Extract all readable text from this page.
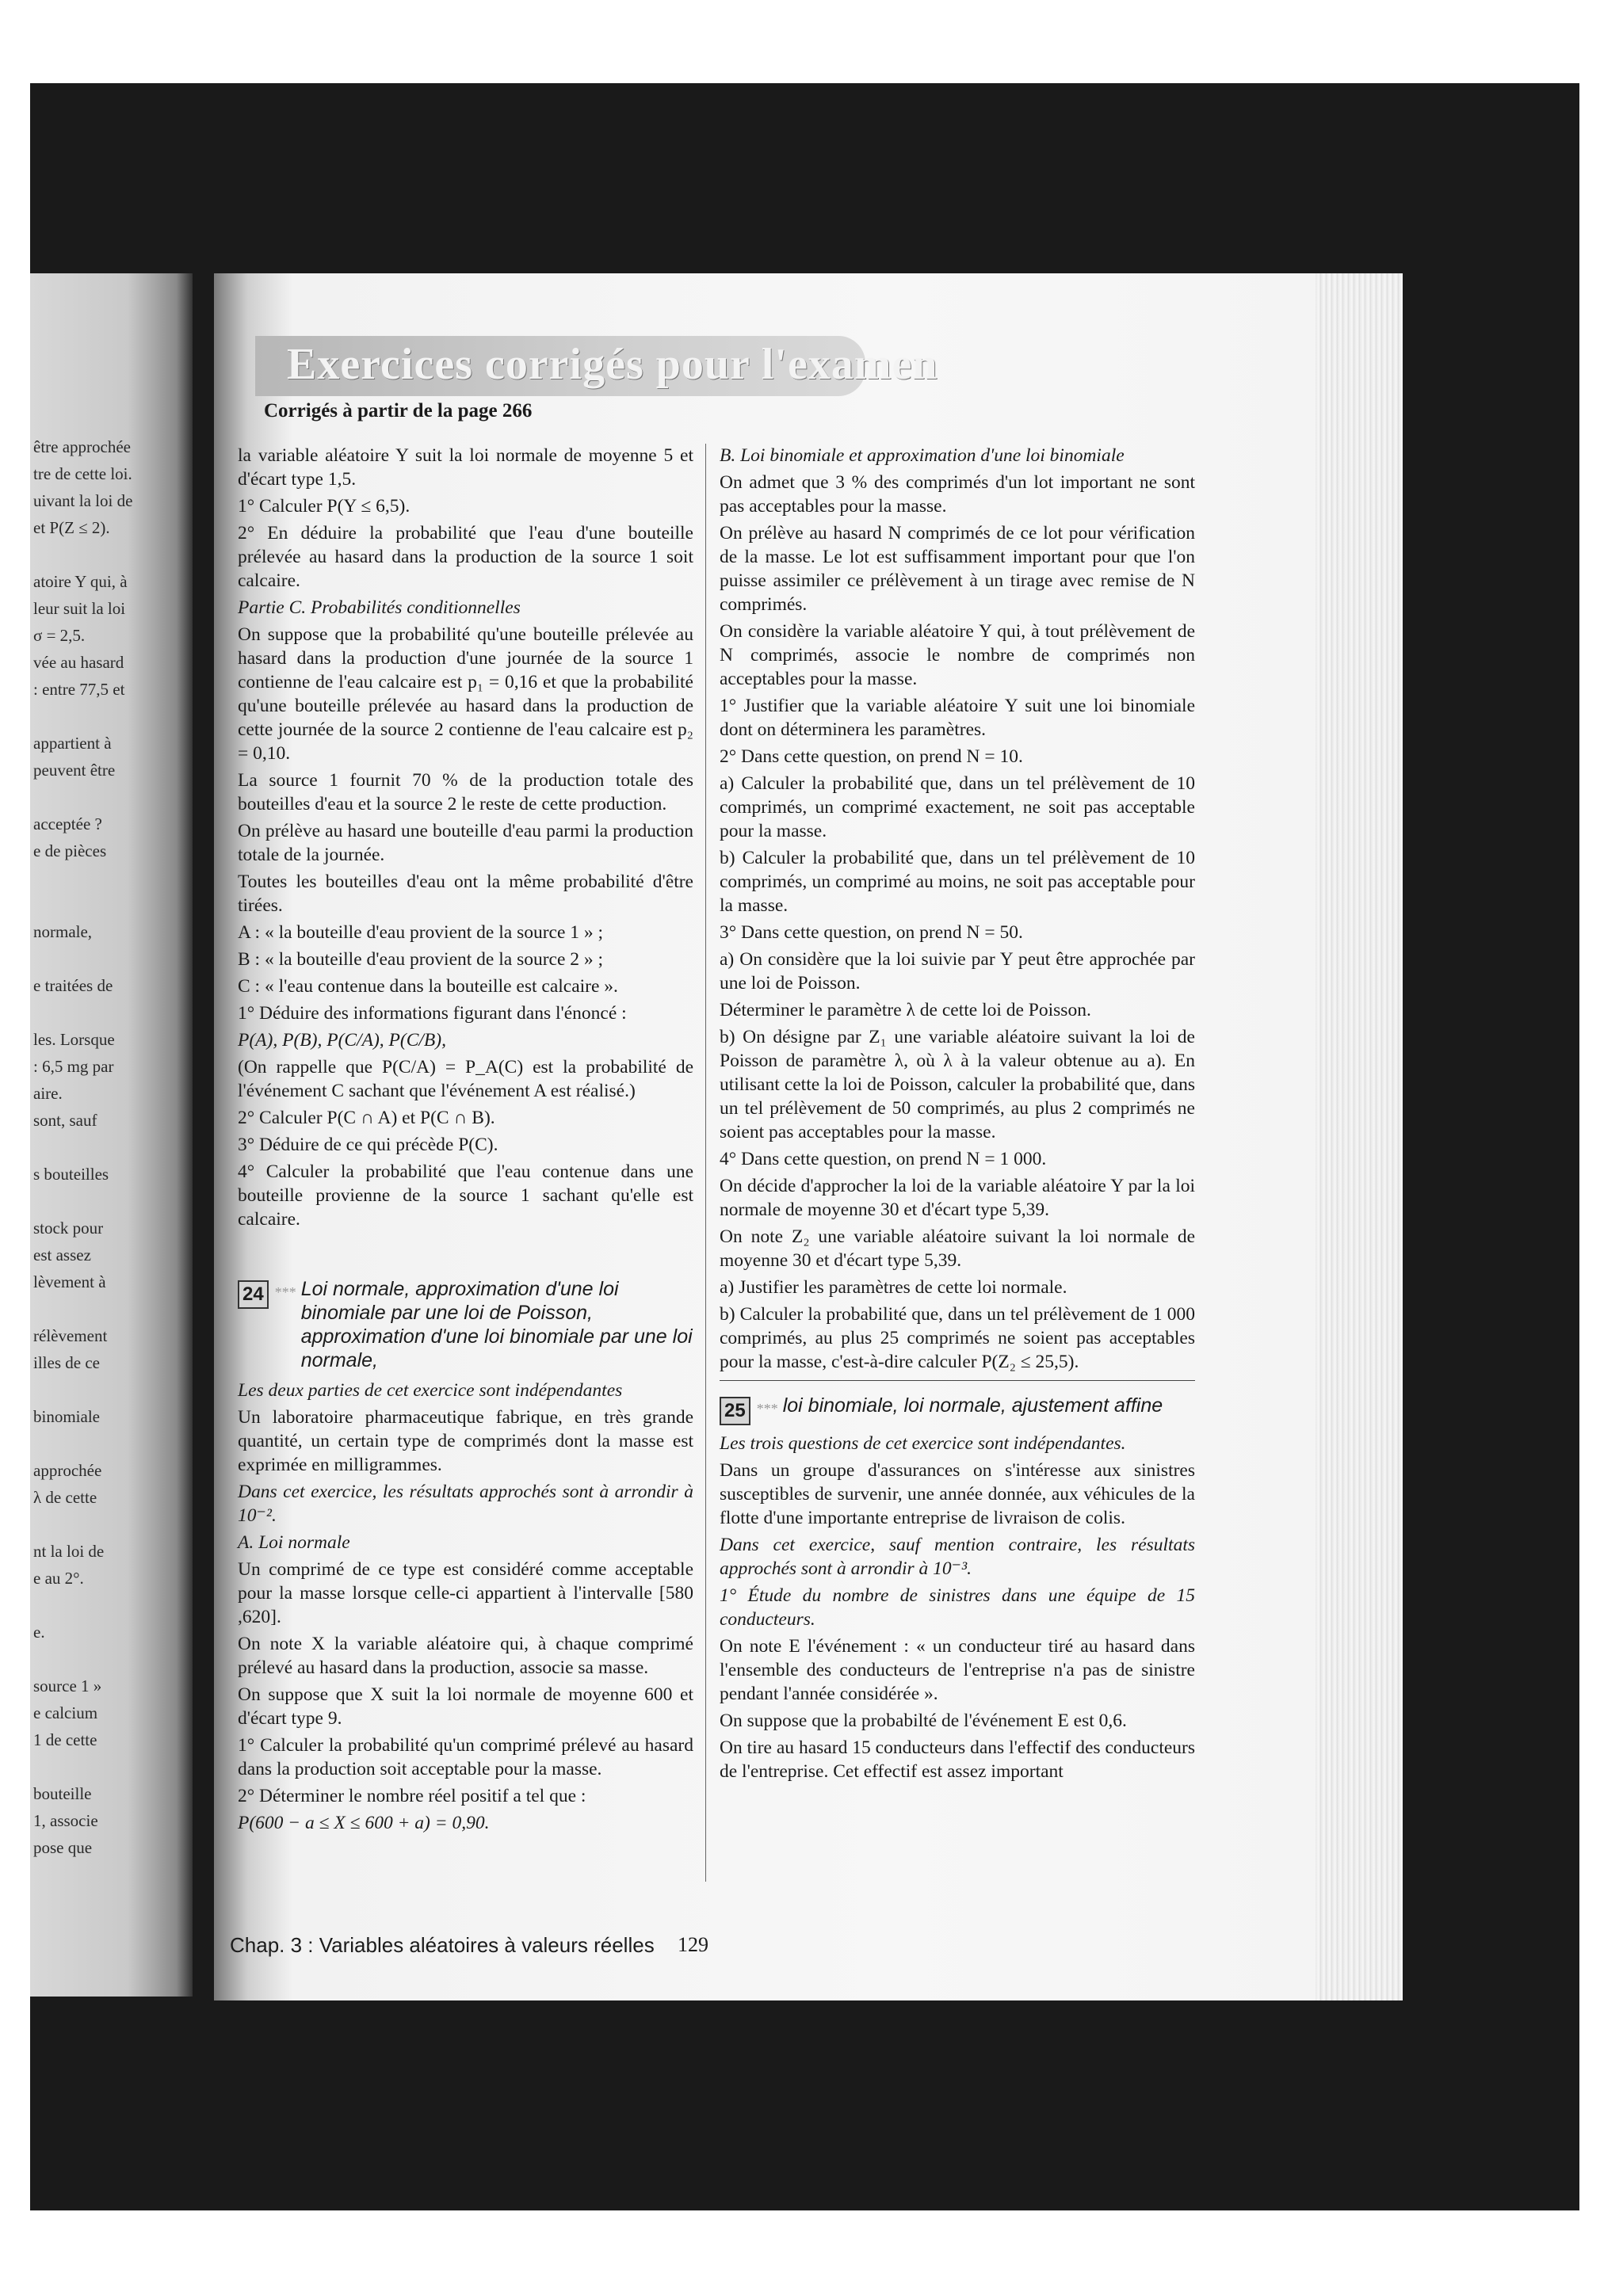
être approchée
tre de cette loi.
uivant la loi de
et P(Z ≤ 2).
atoire Y qui, à
leur suit la loi
σ = 2,5.
vée au hasard
: entre 77,5 et
appartient à
peuvent être
acceptée ?
e de pièces
normale,
e traitées de
les. Lorsque
: 6,5 mg par
aire.
sont, sauf
s bouteilles
stock pour
est assez
lèvement à
rélèvement
illes de ce
binomiale
approchée
λ de cette
nt la loi de
e au 2°.
e.
source 1 »
e calcium
1 de cette
bouteille
1, associe
pose que
Exercices corrigés pour l'examen
Corrigés à partir de la page 266

la variable aléatoire Y suit la loi normale de moyenne 5 et d'écart type 1,5.

1° Calculer P(Y ≤ 6,5).

2° En déduire la probabilité que l'eau d'une bouteille prélevée au hasard dans la production de la source 1 soit calcaire.

Partie C. Probabilités conditionnelles

On suppose que la probabilité qu'une bouteille prélevée au hasard dans la production d'une journée de la source 1 contienne de l'eau calcaire est p₁ = 0,16 et que la probabilité qu'une bouteille prélevée au hasard dans la production de cette journée de la source 2 contienne de l'eau calcaire est p₂ = 0,10.

La source 1 fournit 70 % de la production totale des bouteilles d'eau et la source 2 le reste de cette production.

On prélève au hasard une bouteille d'eau parmi la production totale de la journée.

Toutes les bouteilles d'eau ont la même probabilité d'être tirées.

A : « la bouteille d'eau provient de la source 1 » ;

B : « la bouteille d'eau provient de la source 2 » ;

C : « l'eau contenue dans la bouteille est calcaire ».

1° Déduire des informations figurant dans l'énoncé :

P(A), P(B), P(C/A), P(C/B),

(On rappelle que P(C/A) = P_A(C) est la probabilité de l'événement C sachant que l'événement A est réalisé.)

2° Calculer P(C ∩ A) et P(C ∩ B).

3° Déduire de ce qui précède P(C).

4° Calculer la probabilité que l'eau contenue dans une bouteille provienne de la source 1 sachant qu'elle est calcaire.

24 *** Loi normale, approximation d'une loi binomiale par une loi de Poisson, approximation d'une loi binomiale par une loi normale,

Les deux parties de cet exercice sont indépendantes

Un laboratoire pharmaceutique fabrique, en très grande quantité, un certain type de comprimés dont la masse est exprimée en milligrammes.

Dans cet exercice, les résultats approchés sont à arrondir à 10⁻².

A. Loi normale

Un comprimé de ce type est considéré comme acceptable pour la masse lorsque celle-ci appartient à l'intervalle [580 ,620].

On note X la variable aléatoire qui, à chaque comprimé prélevé au hasard dans la production, associe sa masse.

On suppose que X suit la loi normale de moyenne 600 et d'écart type 9.

1° Calculer la probabilité qu'un comprimé prélevé au hasard dans la production soit acceptable pour la masse.

2° Déterminer le nombre réel positif a tel que :

P(600 − a ≤ X ≤ 600 + a) = 0,90.

B. Loi binomiale et approximation d'une loi binomiale

On admet que 3 % des comprimés d'un lot important ne sont pas acceptables pour la masse.

On prélève au hasard N comprimés de ce lot pour vérification de la masse. Le lot est suffisamment important pour que l'on puisse assimiler ce prélèvement à un tirage avec remise de N comprimés.

On considère la variable aléatoire Y qui, à tout prélèvement de N comprimés, associe le nombre de comprimés non acceptables pour la masse.

1° Justifier que la variable aléatoire Y suit une loi binomiale dont on déterminera les paramètres.

2° Dans cette question, on prend N = 10.

a) Calculer la probabilité que, dans un tel prélèvement de 10 comprimés, un comprimé exactement, ne soit pas acceptable pour la masse.

b) Calculer la probabilité que, dans un tel prélèvement de 10 comprimés, un comprimé au moins, ne soit pas acceptable pour la masse.

3° Dans cette question, on prend N = 50.

a) On considère que la loi suivie par Y peut être approchée par une loi de Poisson.

Déterminer le paramètre λ de cette loi de Poisson.

b) On désigne par Z₁ une variable aléatoire suivant la loi de Poisson de paramètre λ, où λ à la valeur obtenue au a). En utilisant cette la loi de Poisson, calculer la probabilité que, dans un tel prélèvement de 50 comprimés, au plus 2 comprimés ne soient pas acceptables pour la masse.

4° Dans cette question, on prend N = 1 000.

On décide d'approcher la loi de la variable aléatoire Y par la loi normale de moyenne 30 et d'écart type 5,39.

On note Z₂ une variable aléatoire suivant la loi normale de moyenne 30 et d'écart type 5,39.

a) Justifier les paramètres de cette loi normale.

b) Calculer la probabilité que, dans un tel prélèvement de 1 000 comprimés, au plus 25 comprimés ne soient pas acceptables pour la masse, c'est-à-dire calculer P(Z₂ ≤ 25,5).

25 *** loi binomiale, loi normale, ajustement affine

Les trois questions de cet exercice sont indépendantes.

Dans un groupe d'assurances on s'intéresse aux sinistres susceptibles de survenir, une année donnée, aux véhicules de la flotte d'une importante entreprise de livraison de colis.

Dans cet exercice, sauf mention contraire, les résultats approchés sont à arrondir à 10⁻³.

1° Étude du nombre de sinistres dans une équipe de 15 conducteurs.

On note E l'événement : « un conducteur tiré au hasard dans l'ensemble des conducteurs de l'entreprise n'a pas de sinistre pendant l'année considérée ».

On suppose que la probabilté de l'événement E est 0,6.

On tire au hasard 15 conducteurs dans l'effectif des conducteurs de l'entreprise. Cet effectif est assez important

Chap. 3 : Variables aléatoires à valeurs réelles 129
